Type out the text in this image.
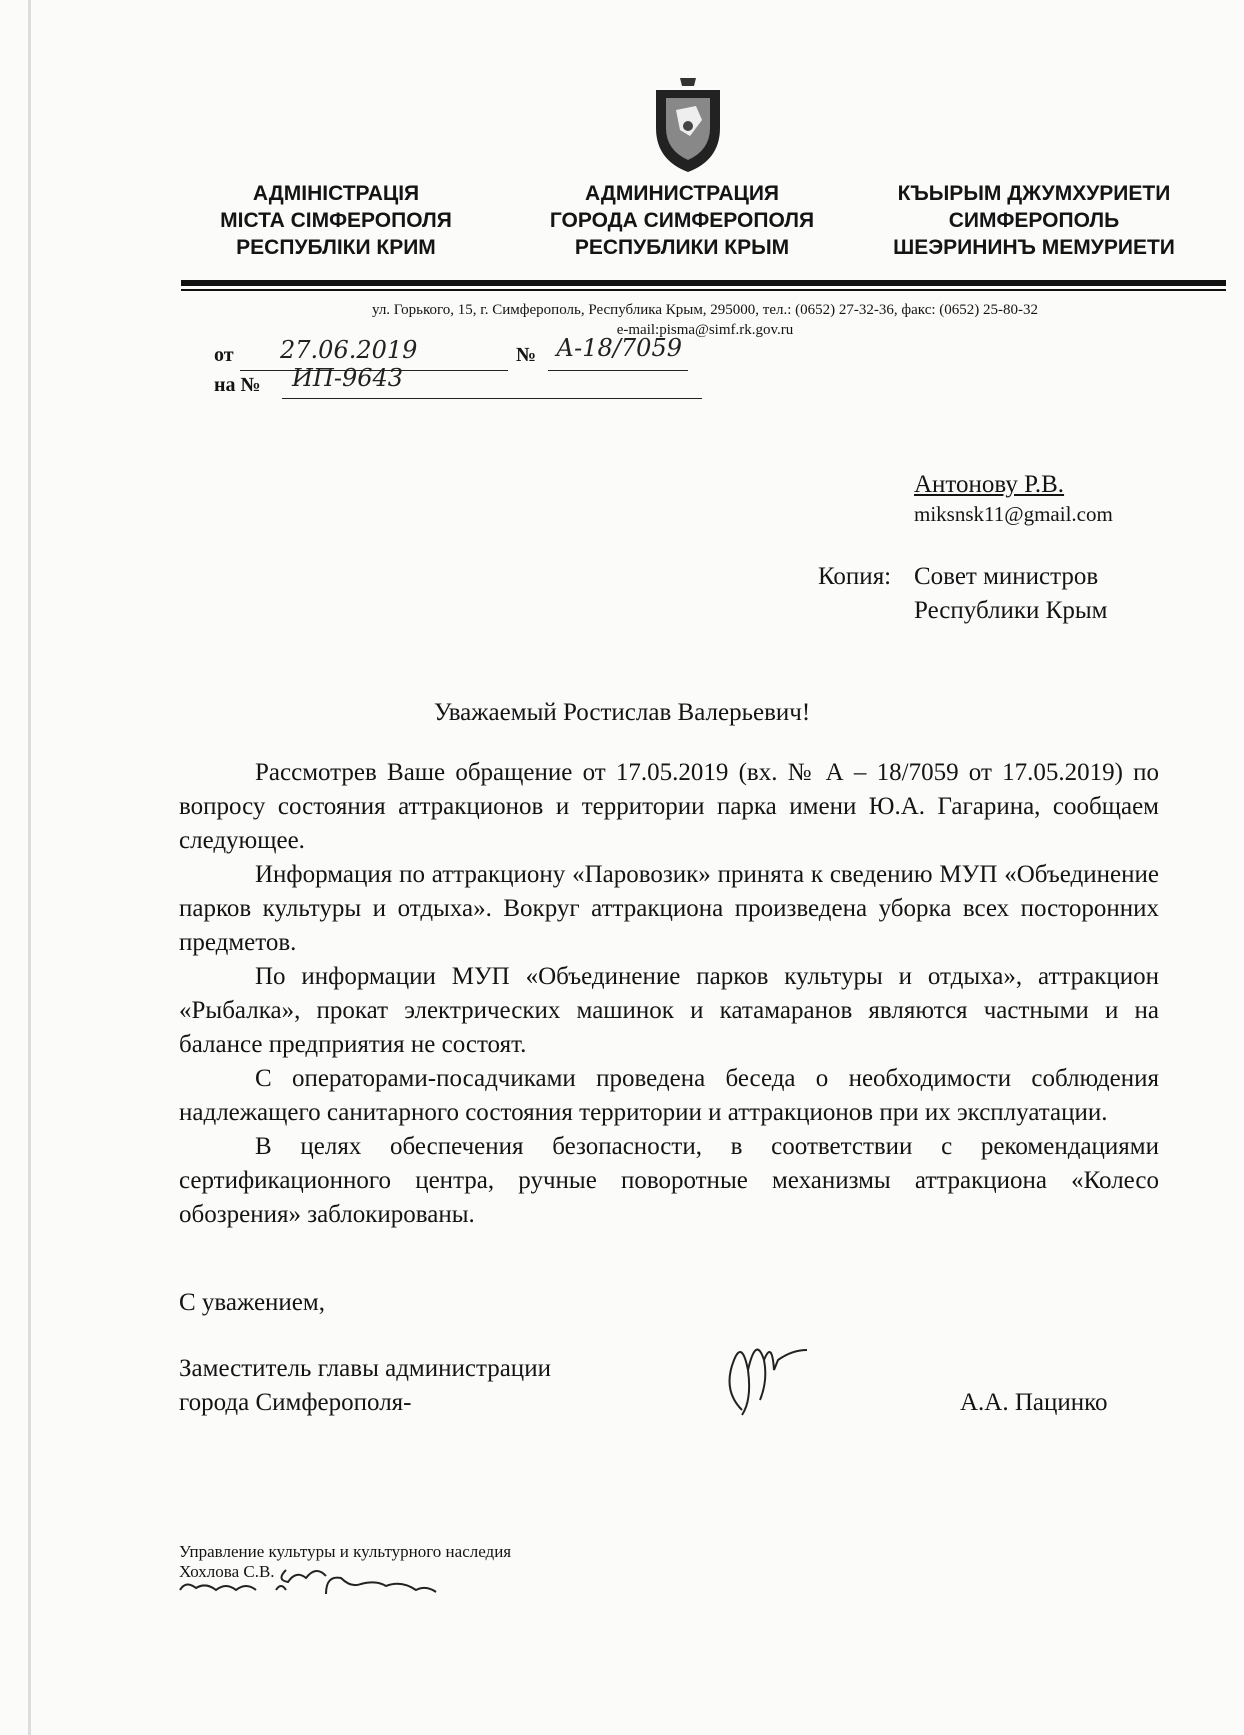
АДМІНІСТРАЦІЯ
МІСТА СІМФЕРОПОЛЯ
РЕСПУБЛІКИ КРИМ
АДМИНИСТРАЦИЯ
ГОРОДА СИМФЕРОПОЛЯ
РЕСПУБЛИКИ КРЫМ
КЪЫРЫМ ДЖУМХУРИЕТИ
СИМФЕРОПОЛЬ
ШЕЭРИНИНЪ МЕМУРИЕТИ
ул. Горького, 15, г. Симферополь, Республика Крым, 295000, тел.: (0652) 27-32-36, факс: (0652) 25-80-32
e-mail:pisma@simf.rk.gov.ru
от 27.06.2019	№ А-18/7059
на № ИП-9643
Антонову Р.В.
miksnsk11@gmail.com
Копия: Совет министров
Республики Крым
Уважаемый Ростислав Валерьевич!

Рассмотрев Ваше обращение от 17.05.2019 (вх. № А – 18/7059 от 17.05.2019) по вопросу состояния аттракционов и территории парка имени Ю.А. Гагарина, сообщаем следующее.

Информация по аттракциону «Паровозик» принята к сведению МУП «Объединение парков культуры и отдыха». Вокруг аттракциона произведена уборка всех посторонних предметов.

По информации МУП «Объединение парков культуры и отдыха», аттракцион «Рыбалка», прокат электрических машинок и катамаранов являются частными и на балансе предприятия не состоят.

С операторами-посадчиками проведена беседа о необходимости соблюдения надлежащего санитарного состояния территории и аттракционов при их эксплуатации.

В целях обеспечения безопасности, в соответствии с рекомендациями сертификационного центра, ручные поворотные механизмы аттракциона «Колесо обозрения» заблокированы.

С уважением,
Заместитель главы администрации
города Симферополя-	А.А. Пацинко
Управление культуры и культурного наследия
Хохлова С.В.
